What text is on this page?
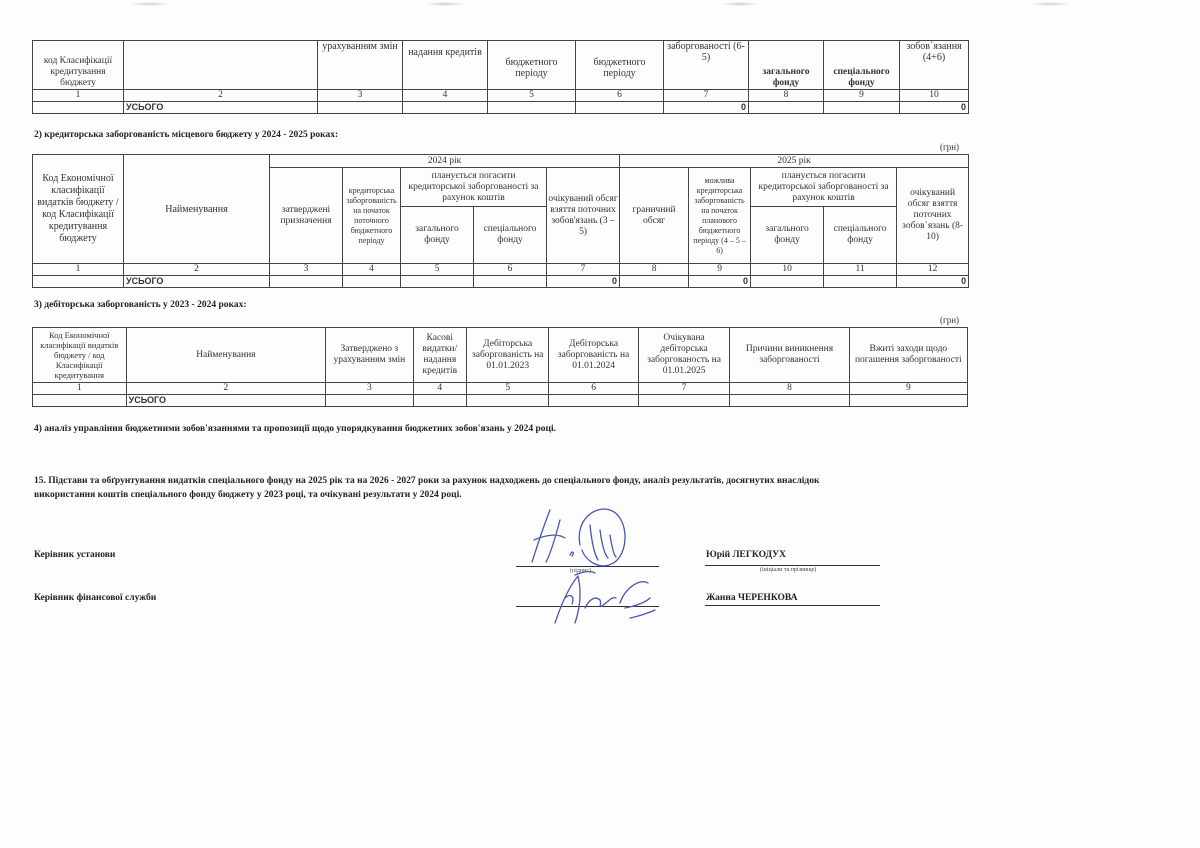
код Класифікації кредитування бюджету		урахуванням змін	надання кредитів	бюджетного періоду	бюджетного періоду	заборгованості (6-5)	загального фонду	спеціального фонду	зобов`язання (4+6)
1	2	3	4	5	6	7	8	9	10
	УСЬОГО					0			0
2) кредиторська заборгованість місцевого бюджету у 2024 - 2025 роках:
(грн)
Код Економічної класифікації видатків бюджету / код Класифікації кредитування бюджету	Найменування	2024 рік					2025 рік				
		затверджені призначення	кредиторська заборгованість на початок поточного бюджетного періоду	планується погасити кредиторської заборгованості за рахунок коштів		очікуваний обсяг взяття поточних зобов'язань (3 – 5)	граничний обсяг	можлива кредиторська заборгованість на початок планового бюджетного періоду (4 – 5 – 6)	планується погасити кредиторської заборгованості за рахунок коштів		очікуваний обсяг взяття поточних зобов`язань (8-10)
				загального фонду	спеціального фонду				загального фонду	спеціального фонду	
1	2	3	4	5	6	7	8	9	10	11	12
	УСЬОГО					0		0			0
3) дебіторська заборгованість у 2023 - 2024 роках:
(грн)
Код Економічної класифікації видатків бюджету / код Класифікації кредитування	Найменування	Затверджено з урахуванням змін	Касові видатки/ надання кредитів	Дебіторська заборгованість на 01.01.2023	Дебіторська заборгованість на 01.01.2024	Очікувана дебіторська заборгованость на 01.01.2025	Причини виникнення заборгованості	Вжиті заходи щодо погашення заборгованості
1	2	3	4	5	6	7	8	9
	УСЬОГО							
4) аналіз управління бюджетними зобов'язаннями та пропозиції щодо упорядкування бюджетних зобов'язань у 2024 році.
15. Підстави та обґрунтування видатків спеціального фонду на 2025 рік та на 2026 - 2027 роки за рахунок надходжень до спеціального фонду, аналіз результатів, досягнутих внаслідок використання коштів спеціального фонду бюджету у 2023 році, та очікувані результати у 2024 році.
Керівник установи
(підпис)
Юрій ЛЕГКОДУХ
(ініціали та прізвище)
Керівник фінансової служби	Жанна ЧЕРЕНКОВА
